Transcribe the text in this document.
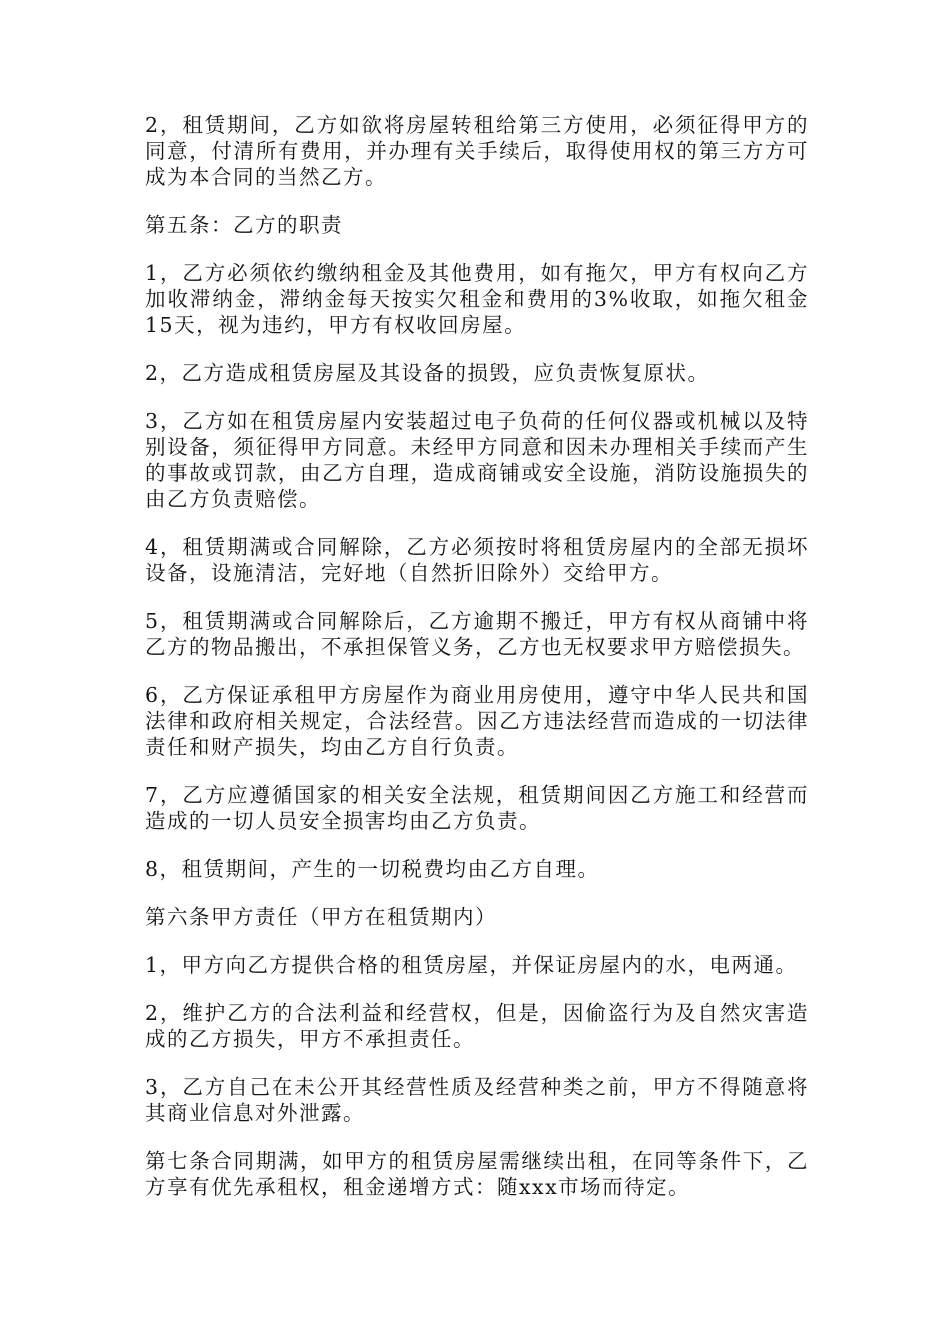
2，租赁期间，乙方如欲将房屋转租给第三方使用，必须征得甲方的同意，付清所有费用，并办理有关手续后，取得使用权的第三方方可成为本合同的当然乙方。

第五条：乙方的职责

1，乙方必须依约缴纳租金及其他费用，如有拖欠，甲方有权向乙方加收滞纳金，滞纳金每天按实欠租金和费用的3%收取，如拖欠租金15天，视为违约，甲方有权收回房屋。

2，乙方造成租赁房屋及其设备的损毁，应负责恢复原状。

3，乙方如在租赁房屋内安装超过电子负荷的任何仪器或机械以及特别设备，须征得甲方同意。未经甲方同意和因未办理相关手续而产生的事故或罚款，由乙方自理，造成商铺或安全设施，消防设施损失的由乙方负责赔偿。

4，租赁期满或合同解除，乙方必须按时将租赁房屋内的全部无损坏设备，设施清洁，完好地（自然折旧除外）交给甲方。

5，租赁期满或合同解除后，乙方逾期不搬迁，甲方有权从商铺中将乙方的物品搬出，不承担保管义务，乙方也无权要求甲方赔偿损失。

6，乙方保证承租甲方房屋作为商业用房使用，遵守中华人民共和国法律和政府相关规定，合法经营。因乙方违法经营而造成的一切法律责任和财产损失，均由乙方自行负责。

7，乙方应遵循国家的相关安全法规，租赁期间因乙方施工和经营而造成的一切人员安全损害均由乙方负责。

8，租赁期间，产生的一切税费均由乙方自理。

第六条甲方责任（甲方在租赁期内）

1，甲方向乙方提供合格的租赁房屋，并保证房屋内的水，电两通。

2，维护乙方的合法利益和经营权，但是，因偷盗行为及自然灾害造成的乙方损失，甲方不承担责任。

3，乙方自己在未公开其经营性质及经营种类之前，甲方不得随意将其商业信息对外泄露。

第七条合同期满，如甲方的租赁房屋需继续出租，在同等条件下，乙方享有优先承租权，租金递增方式：随xxx市场而待定。
